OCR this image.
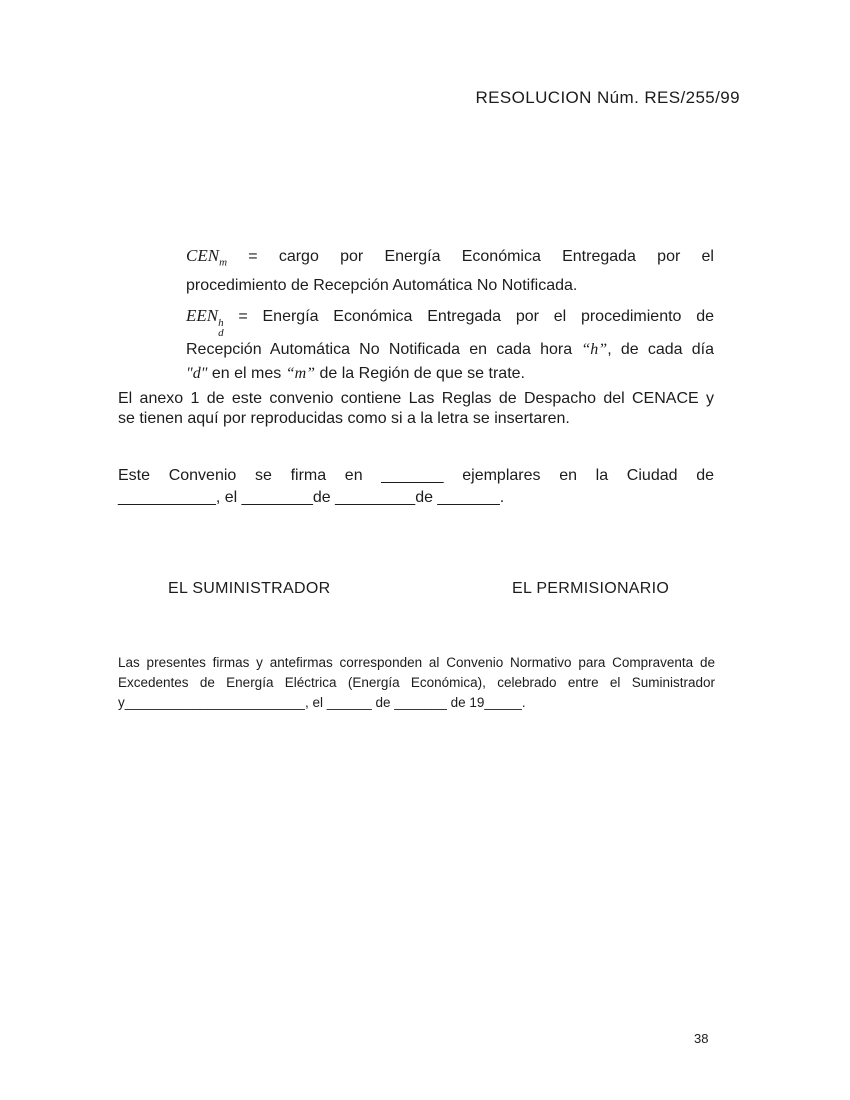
RESOLUCION Núm. RES/255/99
$CEN_m$ = cargo por Energía Económica Entregada por el
procedimiento de Recepción Automática No Notificada.
EEN h
d
= Energía Económica Entregada por el procedimiento de
Recepción Automática No Notificada en cada hora “h”, de cada día
"d" en el mes “m” de la Región de que se trate.
El anexo 1 de este convenio contiene Las Reglas de Despacho del CENACE y
se tienen aquí por reproducidas como si a la letra se insertaren.
Este Convenio se firma en _______ ejemplares en la Ciudad de
___________, el ________de _________de _______.
EL SUMINISTRADOR	EL PERMISIONARIO
Las presentes firmas y antefirmas corresponden al Convenio Normativo para Compraventa de
Excedentes de Energía Eléctrica (Energía Económica), celebrado entre el Suministrador
y________________________, el ______ de _______ de 19_____.
38
